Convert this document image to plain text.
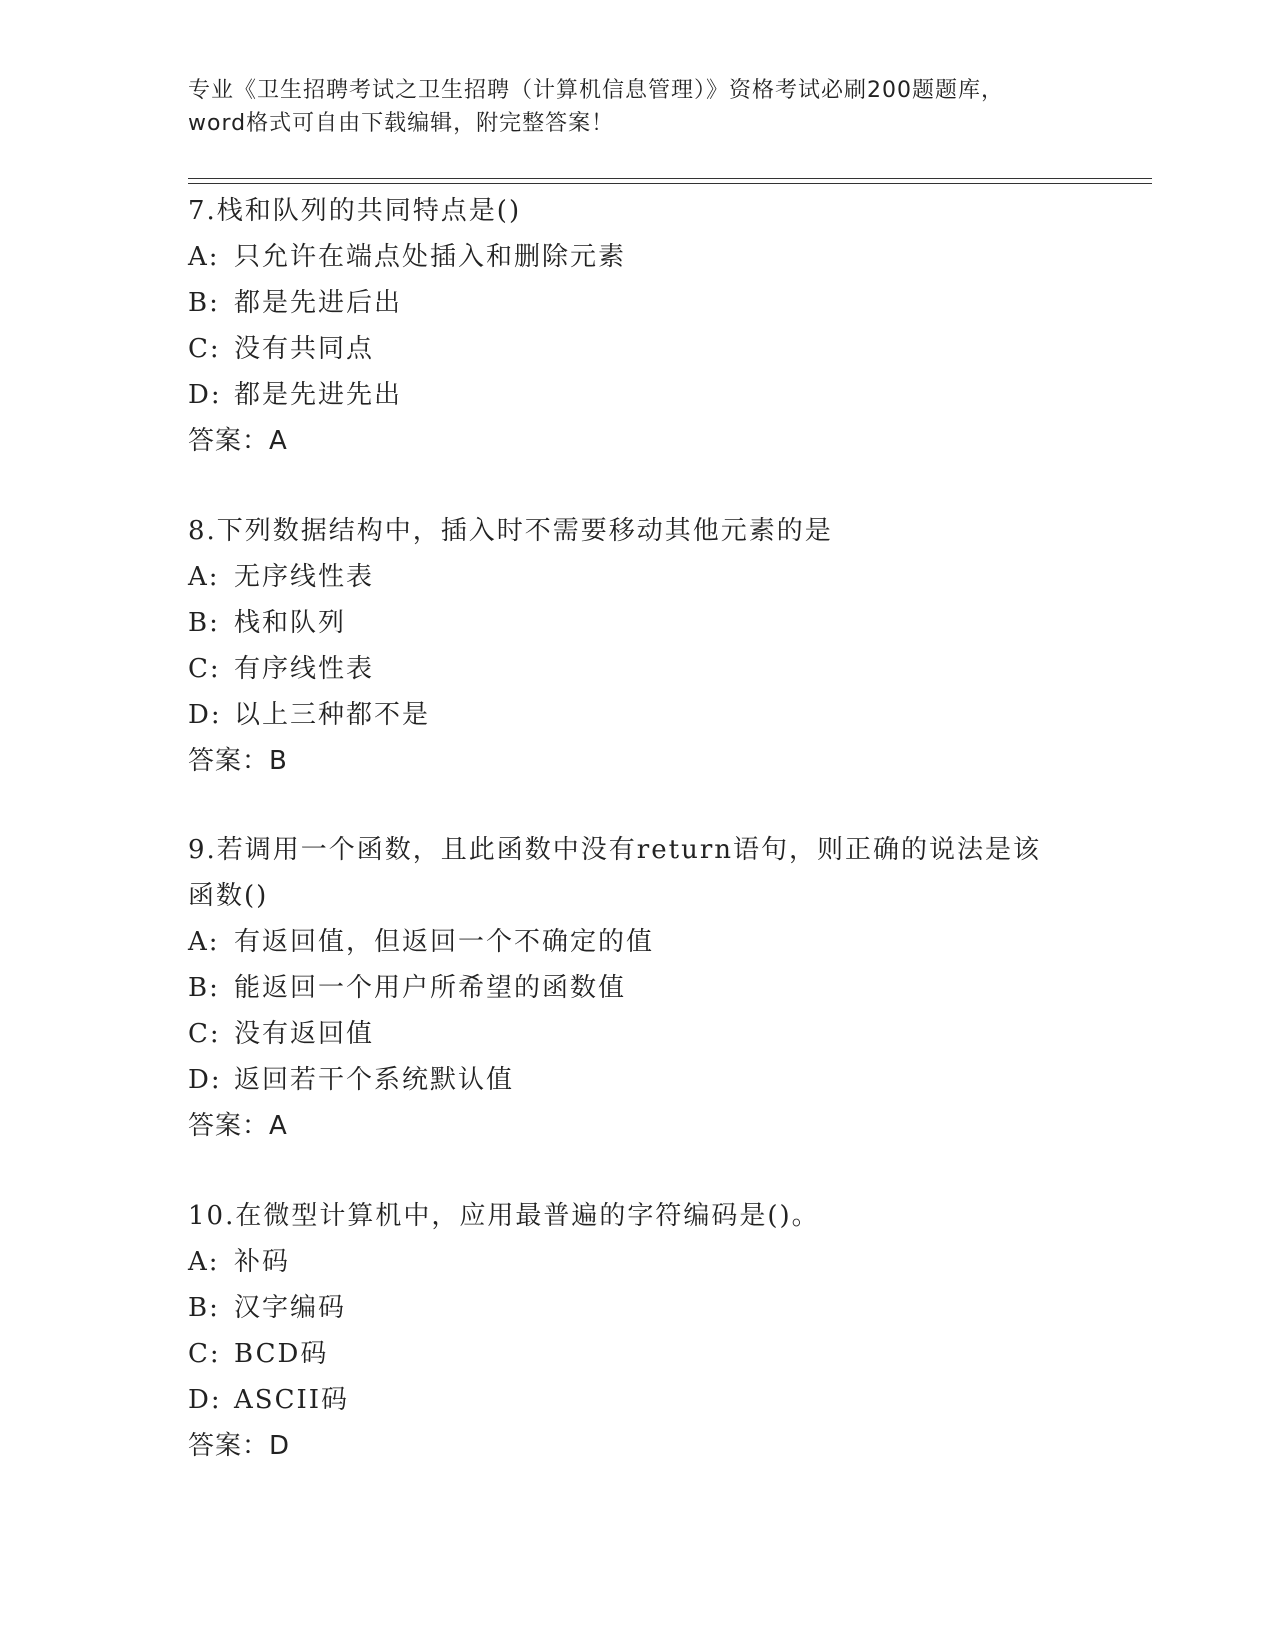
专业《卫生招聘考试之卫生招聘（计算机信息管理）》资格考试必刷200题题库，
word格式可自由下载编辑，附完整答案！
7.栈和队列的共同特点是()
A: 只允许在端点处插入和删除元素
B: 都是先进后出
C: 没有共同点
D: 都是先进先出
答案：A
8.下列数据结构中，插入时不需要移动其他元素的是
A: 无序线性表
B: 栈和队列
C: 有序线性表
D: 以上三种都不是
答案：B
9.若调用一个函数，且此函数中没有return语句，则正确的说法是该
函数()
A: 有返回值，但返回一个不确定的值
B: 能返回一个用户所希望的函数值
C: 没有返回值
D: 返回若干个系统默认值
答案：A
10.在微型计算机中，应用最普遍的字符编码是()。
A: 补码
B: 汉字编码
C: BCD码
D: ASCII码
答案：D
